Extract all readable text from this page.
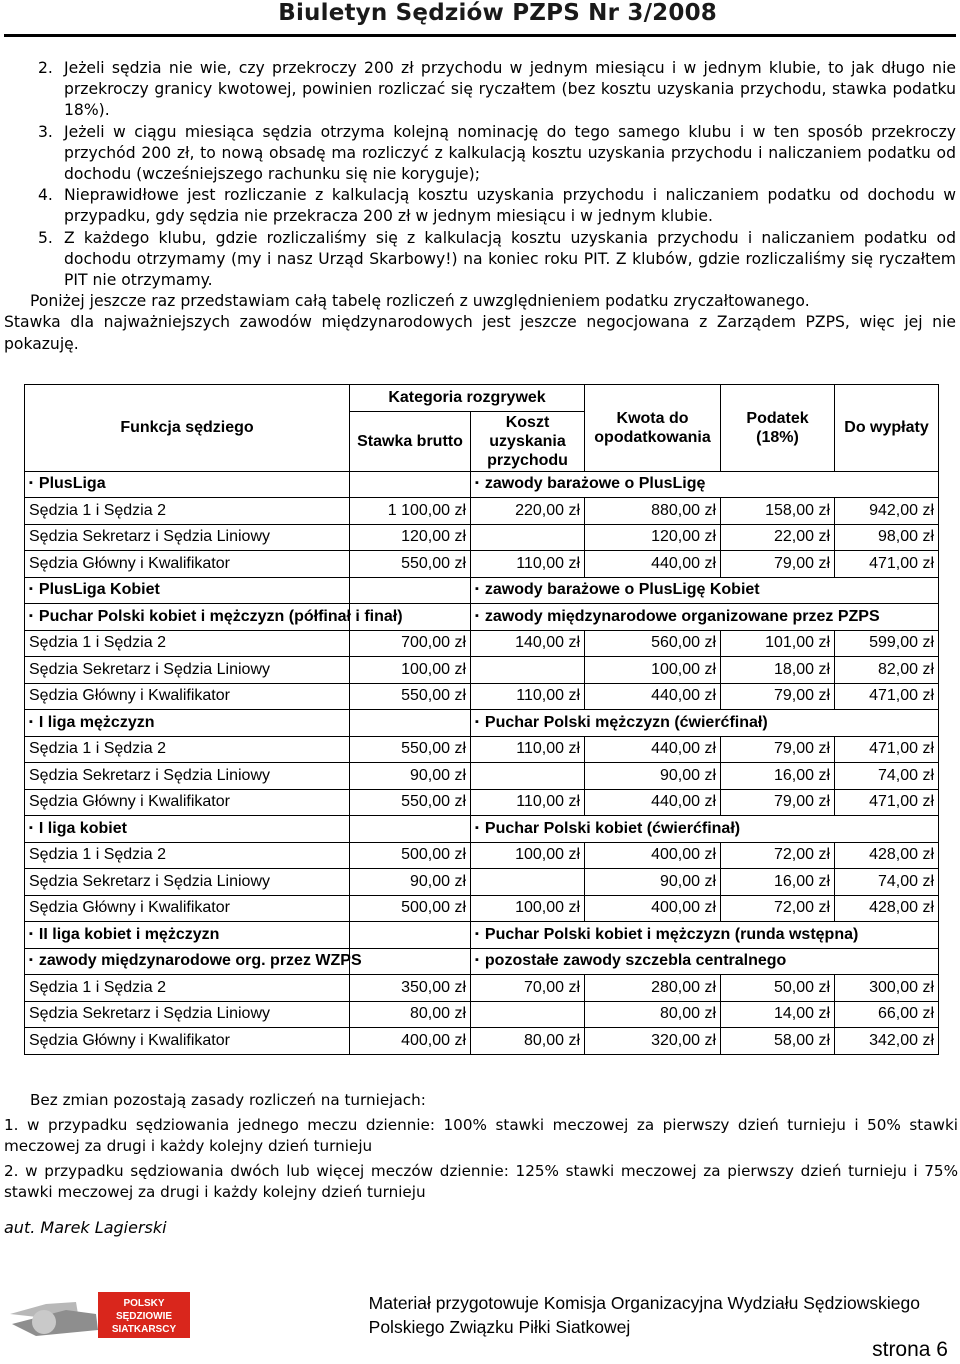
Biuletyn Sędziów PZPS Nr 3/2008
2. Jeżeli sędzia nie wie, czy przekroczy 200 zł przychodu w jednym miesiącu i w jednym klubie, to jak długo nie przekroczy granicy kwotowej, powinien rozliczać się ryczałtem (bez kosztu uzyskania przychodu, stawka podatku 18%).
3. Jeżeli w ciągu miesiąca sędzia otrzyma kolejną nominację do tego samego klubu i w ten sposób przekroczy przychód 200 zł, to nową obsadę ma rozliczyć z kalkulacją kosztu uzyskania przychodu i naliczaniem podatku od dochodu (wcześniejszego rachunku się nie koryguje);
4. Nieprawidłowe jest rozliczanie z kalkulacją kosztu uzyskania przychodu i naliczaniem podatku od dochodu w przypadku, gdy sędzia nie przekracza 200 zł w jednym miesiącu i w jednym klubie.
5. Z każdego klubu, gdzie rozliczaliśmy się z kalkulacją kosztu uzyskania przychodu i naliczaniem podatku od dochodu otrzymamy (my i nasz Urząd Skarbowy!) na koniec roku PIT. Z klubów, gdzie rozliczaliśmy się ryczałtem PIT nie otrzymamy.
Poniżej jeszcze raz przedstawiam całą tabelę rozliczeń z uwzględnieniem podatku zryczałtowanego.
Stawka dla najważniejszych zawodów międzynarodowych jest jeszcze negocjowana z Zarządem PZPS, więc jej nie pokazuję.
Funkcja sędziego	Kategoria rozgrywek		Kwota do opodatkowania	Podatek (18%)	Do wypłaty
	Stawka brutto	Koszt uzyskania przychodu			
▪ PlusLiga		▪ zawody barażowe o PlusLigę
Sędzia 1 i Sędzia 2	1 100,00 zł	220,00 zł	880,00 zł	158,00 zł	942,00 zł
Sędzia Sekretarz i Sędzia Liniowy	120,00 zł		120,00 zł	22,00 zł	98,00 zł
Sędzia Główny i Kwalifikator	550,00 zł	110,00 zł	440,00 zł	79,00 zł	471,00 zł
▪ PlusLiga Kobiet		▪ zawody barażowe o PlusLigę Kobiet
▪ Puchar Polski kobiet i mężczyzn (półfinał i finał)		▪ zawody międzynarodowe organizowane przez PZPS
Sędzia 1 i Sędzia 2	700,00 zł	140,00 zł	560,00 zł	101,00 zł	599,00 zł
Sędzia Sekretarz i Sędzia Liniowy	100,00 zł		100,00 zł	18,00 zł	82,00 zł
Sędzia Główny i Kwalifikator	550,00 zł	110,00 zł	440,00 zł	79,00 zł	471,00 zł
▪ I liga mężczyzn		▪ Puchar Polski mężczyzn (ćwierćfinał)
Sędzia 1 i Sędzia 2	550,00 zł	110,00 zł	440,00 zł	79,00 zł	471,00 zł
Sędzia Sekretarz i Sędzia Liniowy	90,00 zł		90,00 zł	16,00 zł	74,00 zł
Sędzia Główny i Kwalifikator	550,00 zł	110,00 zł	440,00 zł	79,00 zł	471,00 zł
▪ I liga kobiet		▪ Puchar Polski kobiet (ćwierćfinał)
Sędzia 1 i Sędzia 2	500,00 zł	100,00 zł	400,00 zł	72,00 zł	428,00 zł
Sędzia Sekretarz i Sędzia Liniowy	90,00 zł		90,00 zł	16,00 zł	74,00 zł
Sędzia Główny i Kwalifikator	500,00 zł	100,00 zł	400,00 zł	72,00 zł	428,00 zł
▪ II liga kobiet i mężczyzn		▪ Puchar Polski kobiet i mężczyzn (runda wstępna)
▪ zawody międzynarodowe org. przez WZPS		▪ pozostałe zawody szczebla centralnego
Sędzia 1 i Sędzia 2	350,00 zł	70,00 zł	280,00 zł	50,00 zł	300,00 zł
Sędzia Sekretarz i Sędzia Liniowy	80,00 zł		80,00 zł	14,00 zł	66,00 zł
Sędzia Główny i Kwalifikator	400,00 zł	80,00 zł	320,00 zł	58,00 zł	342,00 zł
Bez zmian pozostają zasady rozliczeń na turniejach:
1. w przypadku sędziowania jednego meczu dziennie: 100% stawki meczowej za pierwszy dzień turnieju i 50% stawki meczowej za drugi i każdy kolejny dzień turnieju
2. w przypadku sędziowania dwóch lub więcej meczów dziennie: 125% stawki meczowej za pierwszy dzień turnieju i 75% stawki meczowej za drugi i każdy kolejny dzień turnieju
aut. Marek Lagierski
POLSKY
SĘDZIOWIE
SIATKARSCY
Materiał przygotowuje Komisja Organizacyjna Wydziału Sędziowskiego
Polskiego Związku Piłki Siatkowej
strona 6
